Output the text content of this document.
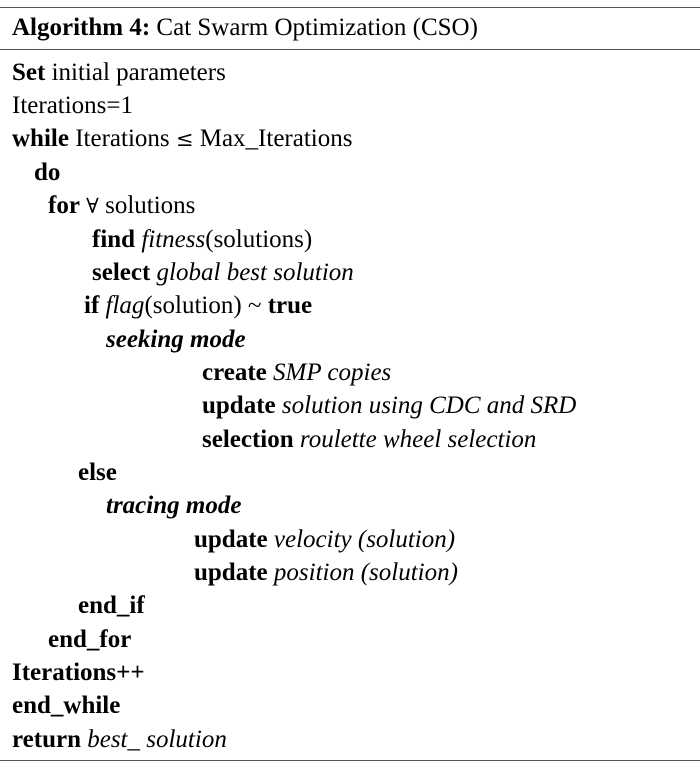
Algorithm 4: Cat Swarm Optimization (CSO)
Set initial parameters
Iterations=1
while Iterations ≤ Max_Iterations
do
for ∀ solutions
find fitness(solutions)
select global best solution
if flag(solution) ~ true
seeking mode
create SMP copies
update solution using CDC and SRD
selection roulette wheel selection
else
tracing mode
update velocity (solution)
update position (solution)
end_if
end_for
Iterations++
end_while
return best_ solution
